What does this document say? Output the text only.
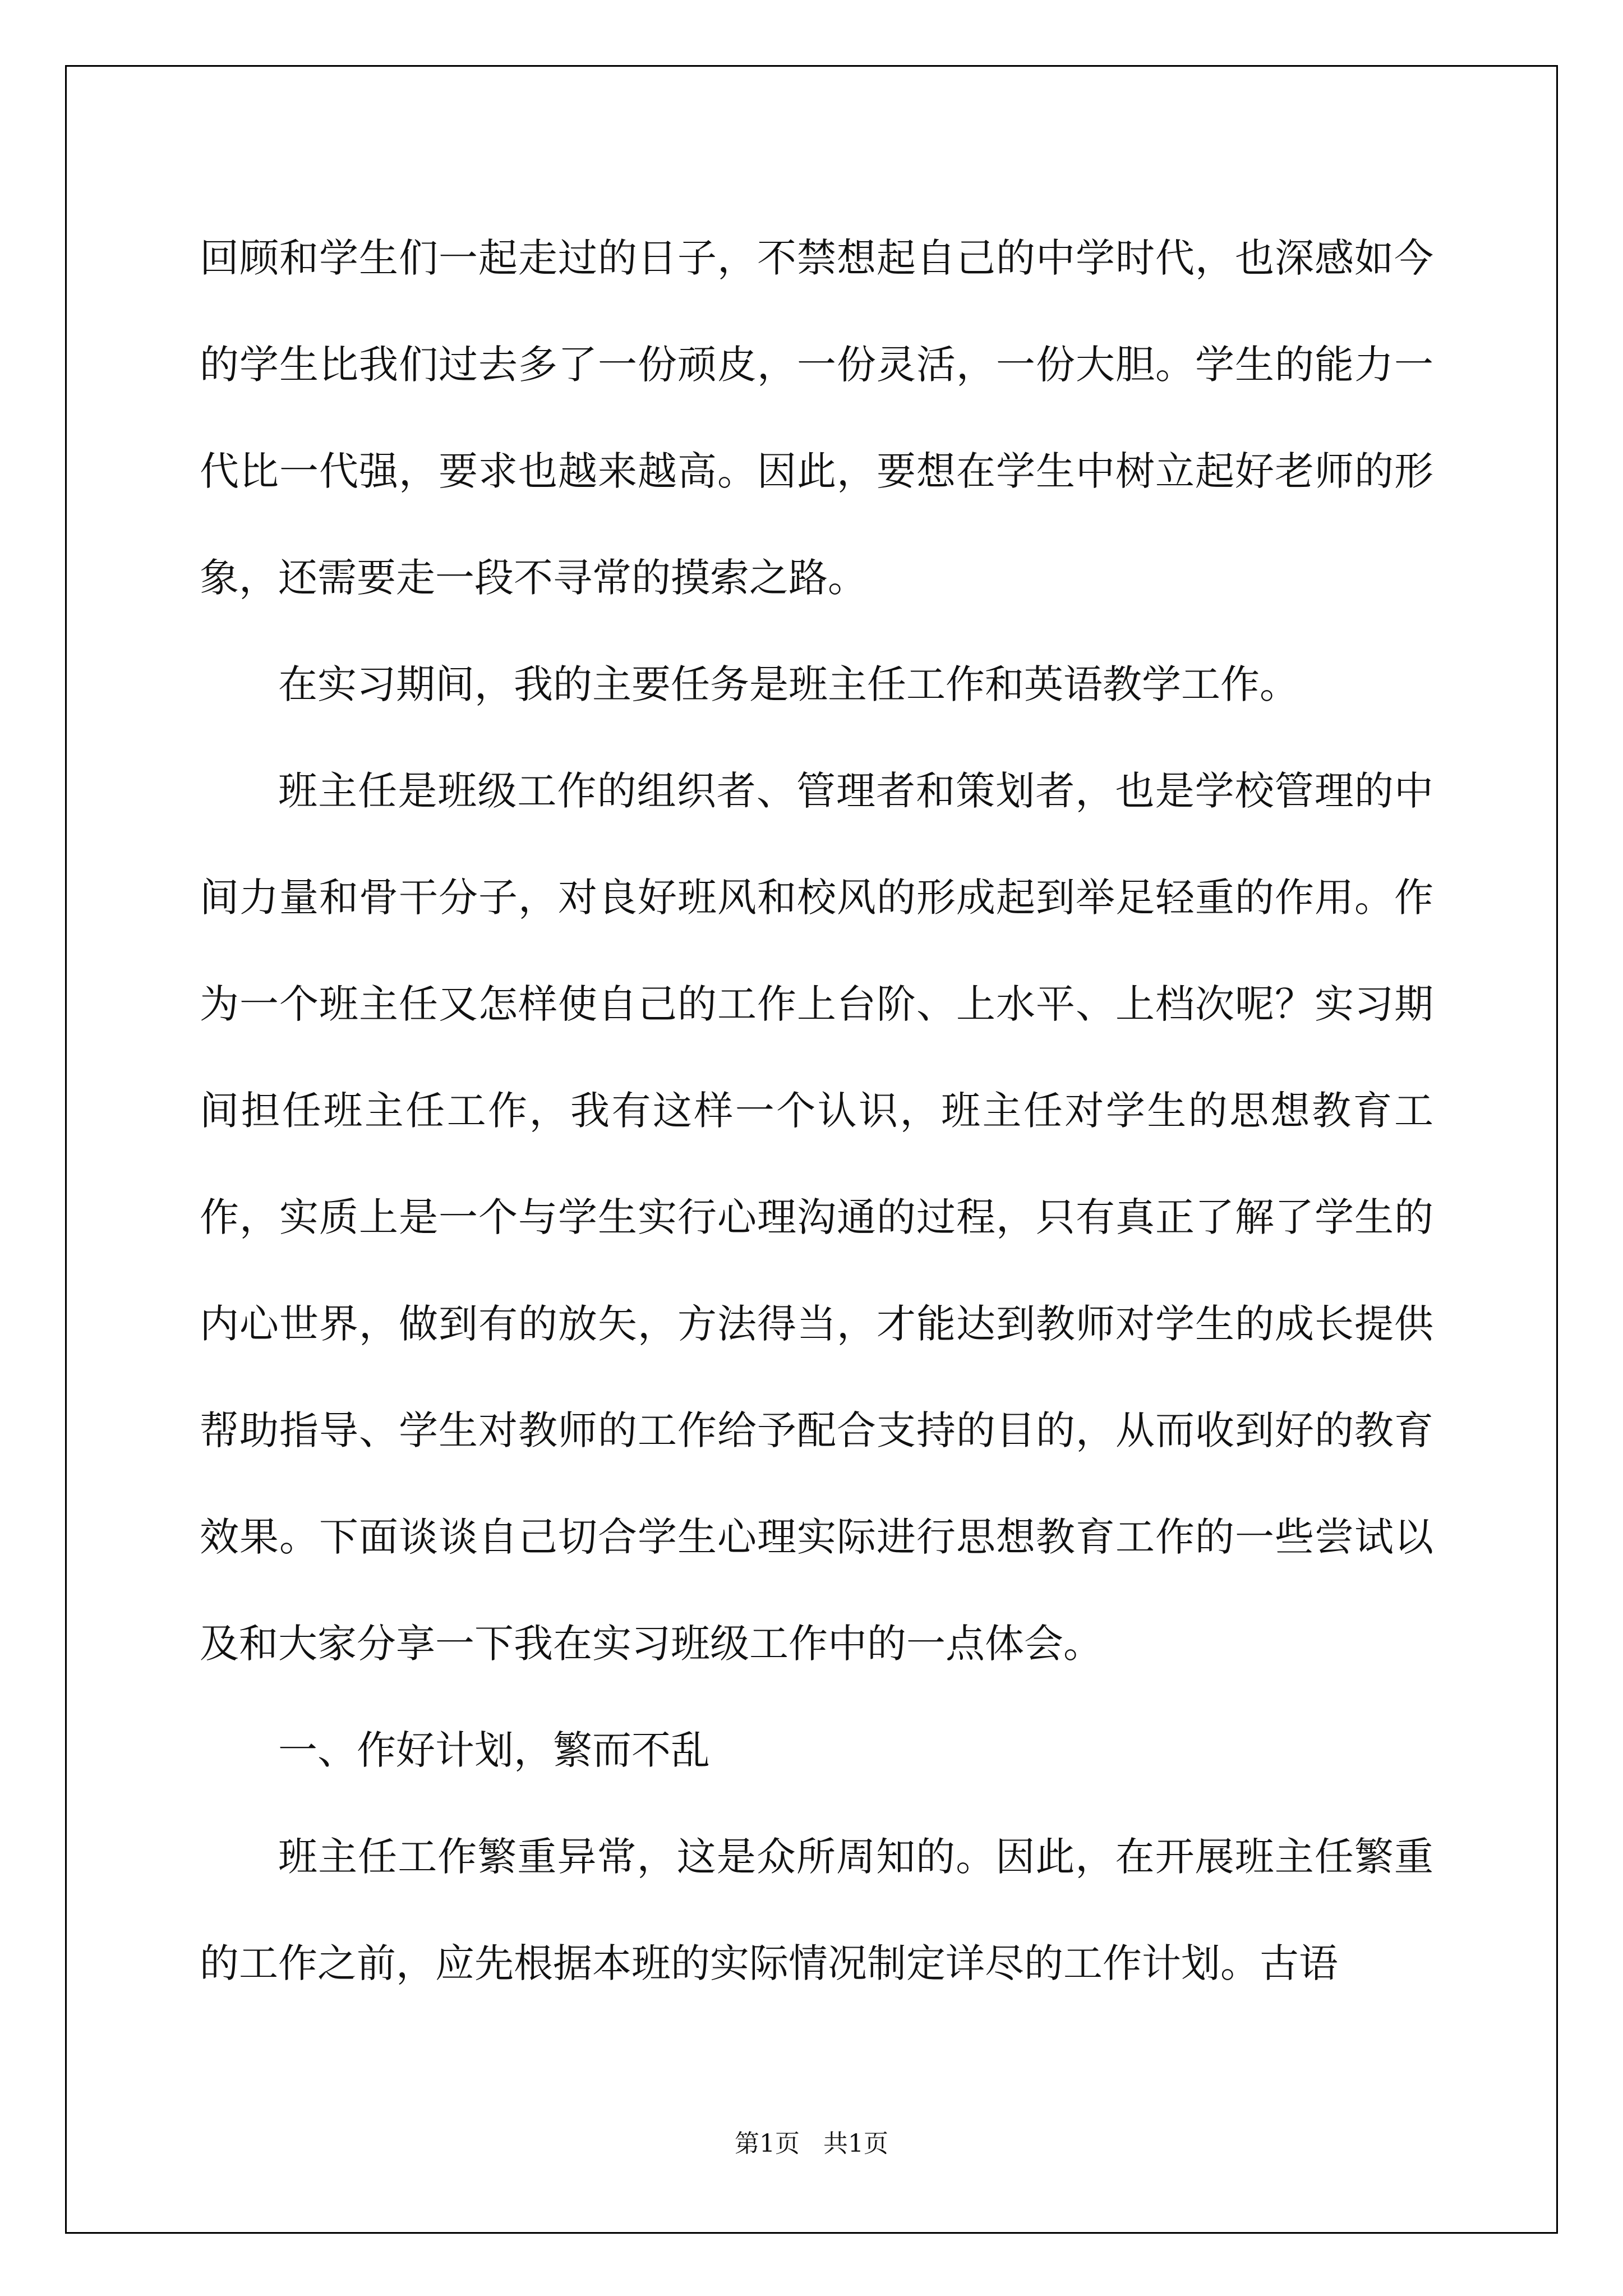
回顾和学生们一起走过的日子，不禁想起自己的中学时代，也深感如今的学生比我们过去多了一份顽皮，一份灵活，一份大胆。学生的能力一代比一代强，要求也越来越高。因此，要想在学生中树立起好老师的形象，还需要走一段不寻常的摸索之路。

在实习期间，我的主要任务是班主任工作和英语教学工作。

班主任是班级工作的组织者、管理者和策划者，也是学校管理的中间力量和骨干分子，对良好班风和校风的形成起到举足轻重的作用。作为一个班主任又怎样使自己的工作上台阶、上水平、上档次呢？实习期间担任班主任工作，我有这样一个认识，班主任对学生的思想教育工作，实质上是一个与学生实行心理沟通的过程，只有真正了解了学生的内心世界，做到有的放矢，方法得当，才能达到教师对学生的成长提供帮助指导、学生对教师的工作给予配合支持的目的，从而收到好的教育效果。下面谈谈自己切合学生心理实际进行思想教育工作的一些尝试以及和大家分享一下我在实习班级工作中的一点体会。

一、作好计划，繁而不乱

班主任工作繁重异常，这是众所周知的。因此，在开展班主任繁重的工作之前，应先根据本班的实际情况制定详尽的工作计划。古语

第1页   共1页
